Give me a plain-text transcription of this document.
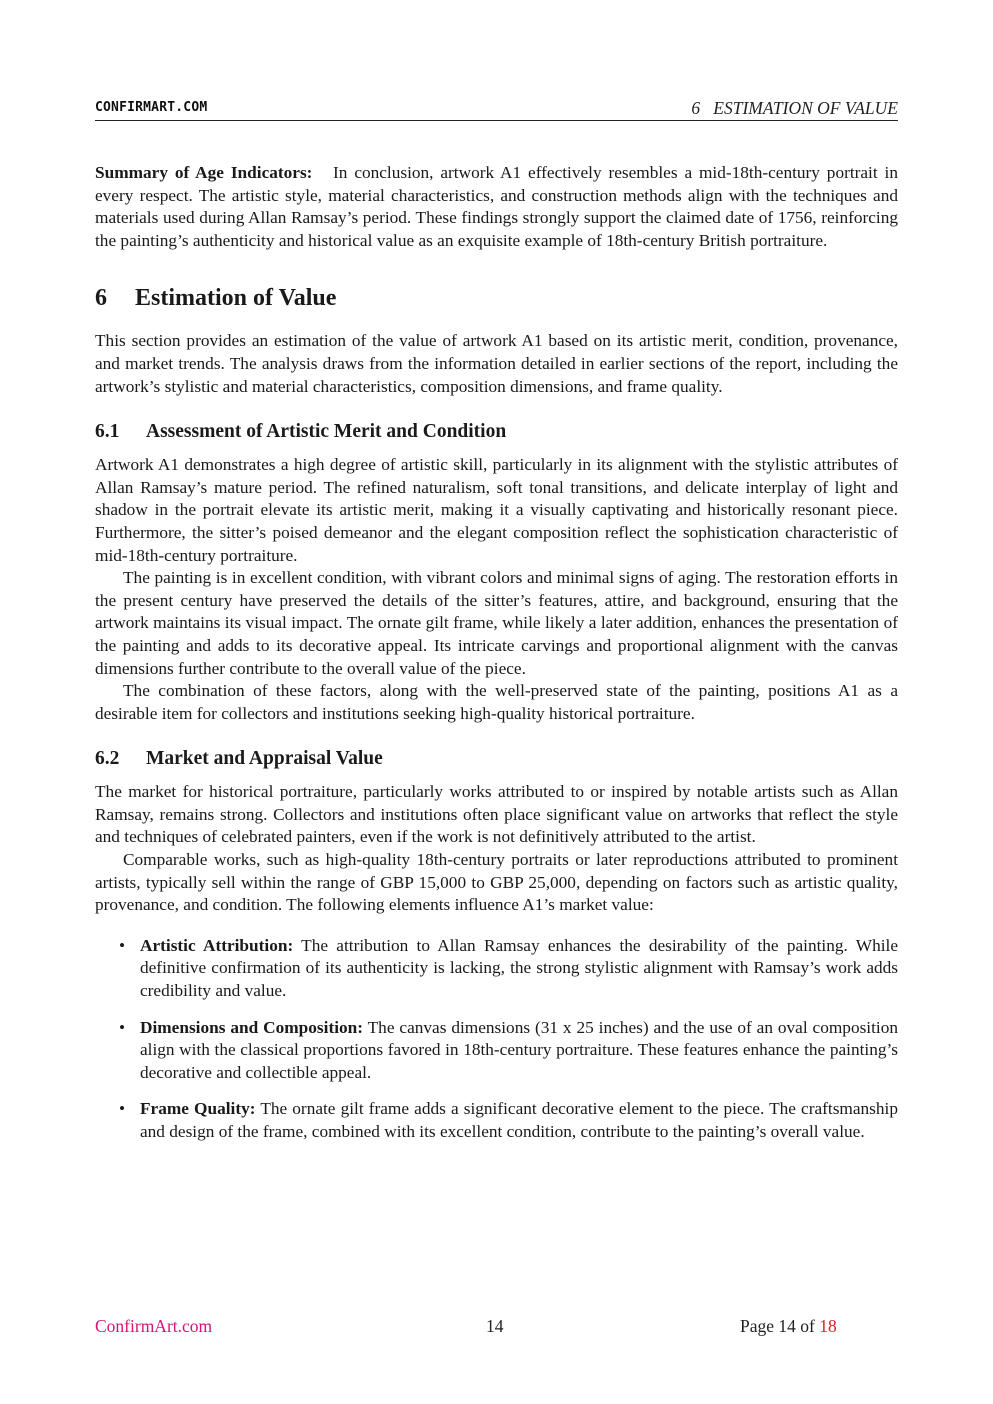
CONFIRMART.COM	6 ESTIMATION OF VALUE

Summary of Age Indicators: In conclusion, artwork A1 effectively resembles a mid-18th-century portrait in every respect. The artistic style, material characteristics, and construction methods align with the techniques and materials used during Allan Ramsay’s period. These findings strongly support the claimed date of 1756, reinforcing the painting’s authenticity and historical value as an exquisite example of 18th-century British portraiture.

6 Estimation of Value

This section provides an estimation of the value of artwork A1 based on its artistic merit, condition, provenance, and market trends. The analysis draws from the information detailed in earlier sections of the report, including the artwork’s stylistic and material characteristics, composition dimensions, and frame quality.

6.1 Assessment of Artistic Merit and Condition

Artwork A1 demonstrates a high degree of artistic skill, particularly in its alignment with the stylistic attributes of Allan Ramsay’s mature period. The refined naturalism, soft tonal transitions, and delicate interplay of light and shadow in the portrait elevate its artistic merit, making it a visually captivating and historically resonant piece. Furthermore, the sitter’s poised demeanor and the elegant composition reflect the sophistication characteristic of mid-18th-century portraiture.

The painting is in excellent condition, with vibrant colors and minimal signs of aging. The restoration efforts in the present century have preserved the details of the sitter’s features, attire, and background, ensuring that the artwork maintains its visual impact. The ornate gilt frame, while likely a later addition, enhances the presentation of the painting and adds to its decorative appeal. Its intricate carvings and proportional alignment with the canvas dimensions further contribute to the overall value of the piece.

The combination of these factors, along with the well-preserved state of the painting, positions A1 as a desirable item for collectors and institutions seeking high-quality historical portraiture.

6.2 Market and Appraisal Value

The market for historical portraiture, particularly works attributed to or inspired by notable artists such as Allan Ramsay, remains strong. Collectors and institutions often place significant value on artworks that reflect the style and techniques of celebrated painters, even if the work is not definitively attributed to the artist.

Comparable works, such as high-quality 18th-century portraits or later reproductions attributed to prominent artists, typically sell within the range of GBP 15,000 to GBP 25,000, depending on factors such as artistic quality, provenance, and condition. The following elements influence A1’s market value:

• Artistic Attribution: The attribution to Allan Ramsay enhances the desirability of the painting. While definitive confirmation of its authenticity is lacking, the strong stylistic alignment with Ramsay’s work adds credibility and value.
• Dimensions and Composition: The canvas dimensions (31 x 25 inches) and the use of an oval composition align with the classical proportions favored in 18th-century portraiture. These features enhance the painting’s decorative and collectible appeal.
• Frame Quality: The ornate gilt frame adds a significant decorative element to the piece. The craftsmanship and design of the frame, combined with its excellent condition, contribute to the painting’s overall value.
ConfirmArt.com	14	Page 14 of 18
